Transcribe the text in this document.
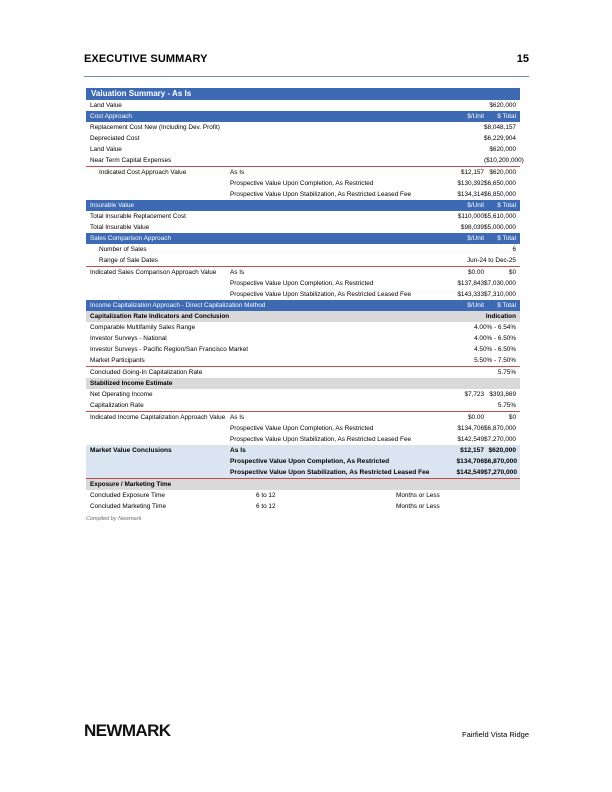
EXECUTIVE SUMMARY	15
Valuation Summary - As Is
Land Value	$620,000
Cost Approach	$/Unit	$ Total
Replacement Cost New (Including Dev. Profit)	$8,048,157
Depreciated Cost	$6,229,904
Land Value	$620,000
Near Term Capital Expenses	($10,200,000)
Indicated Cost Approach Value	As Is	$12,157 $620,000
Prospective Value Upon Completion, As Restricted	$130,392 $6,650,000
Prospective Value Upon Stabilization, As Restricted Leased Fee	$134,314 $6,850,000
Insurable Value	$/Unit	$ Total
Total Insurable Replacement Cost	$110,000 $5,610,000
Total Insurable Value	$98,039 $5,000,000
Sales Comparison Approach	$/Unit	$ Total
Number of Sales	6
Range of Sale Dates	Jun-24 to Dec-25
Indicated Sales Comparison Approach Value As Is	$0.00	$0
Prospective Value Upon Completion, As Restricted	$137,843 $7,030,000
Prospective Value Upon Stabilization, As Restricted Leased Fee	$143,333 $7,310,000
Income Capitalization Approach - Direct Capitalization Method	$/Unit	$ Total
Capitalization Rate Indicators and Conclusion	Indication
Comparable Multifamily Sales Range	4.00% - 6.54%
Investor Surveys - National	4.00% - 6.50%
Investor Surveys - Pacific Region/San Francisco Market	4.50% - 6.50%
Market Participants	5.50% - 7.50%
Concluded Going-In Capitalization Rate	5.75%
Stabilized Income Estimate
Net Operating Income	$7,723 $393,869
Capitalization Rate	5.75%
Indicated Income Capitalization Approach Value As Is	$0.00	$0
Prospective Value Upon Completion, As Restricted	$134,706 $6,870,000
Prospective Value Upon Stabilization, As Restricted Leased Fee	$142,549 $7,270,000
Market Value Conclusions	As Is	$12,157 $620,000
Prospective Value Upon Completion, As Restricted	$134,706 $6,870,000
Prospective Value Upon Stabilization, As Restricted Leased Fee	$142,549 $7,270,000
Exposure / Marketing Time
Concluded Exposure Time	6 to 12	Months or Less
Concluded Marketing Time	6 to 12	Months or Less
Compiled by Newmark
NEWMARK	Fairfield Vista Ridge
